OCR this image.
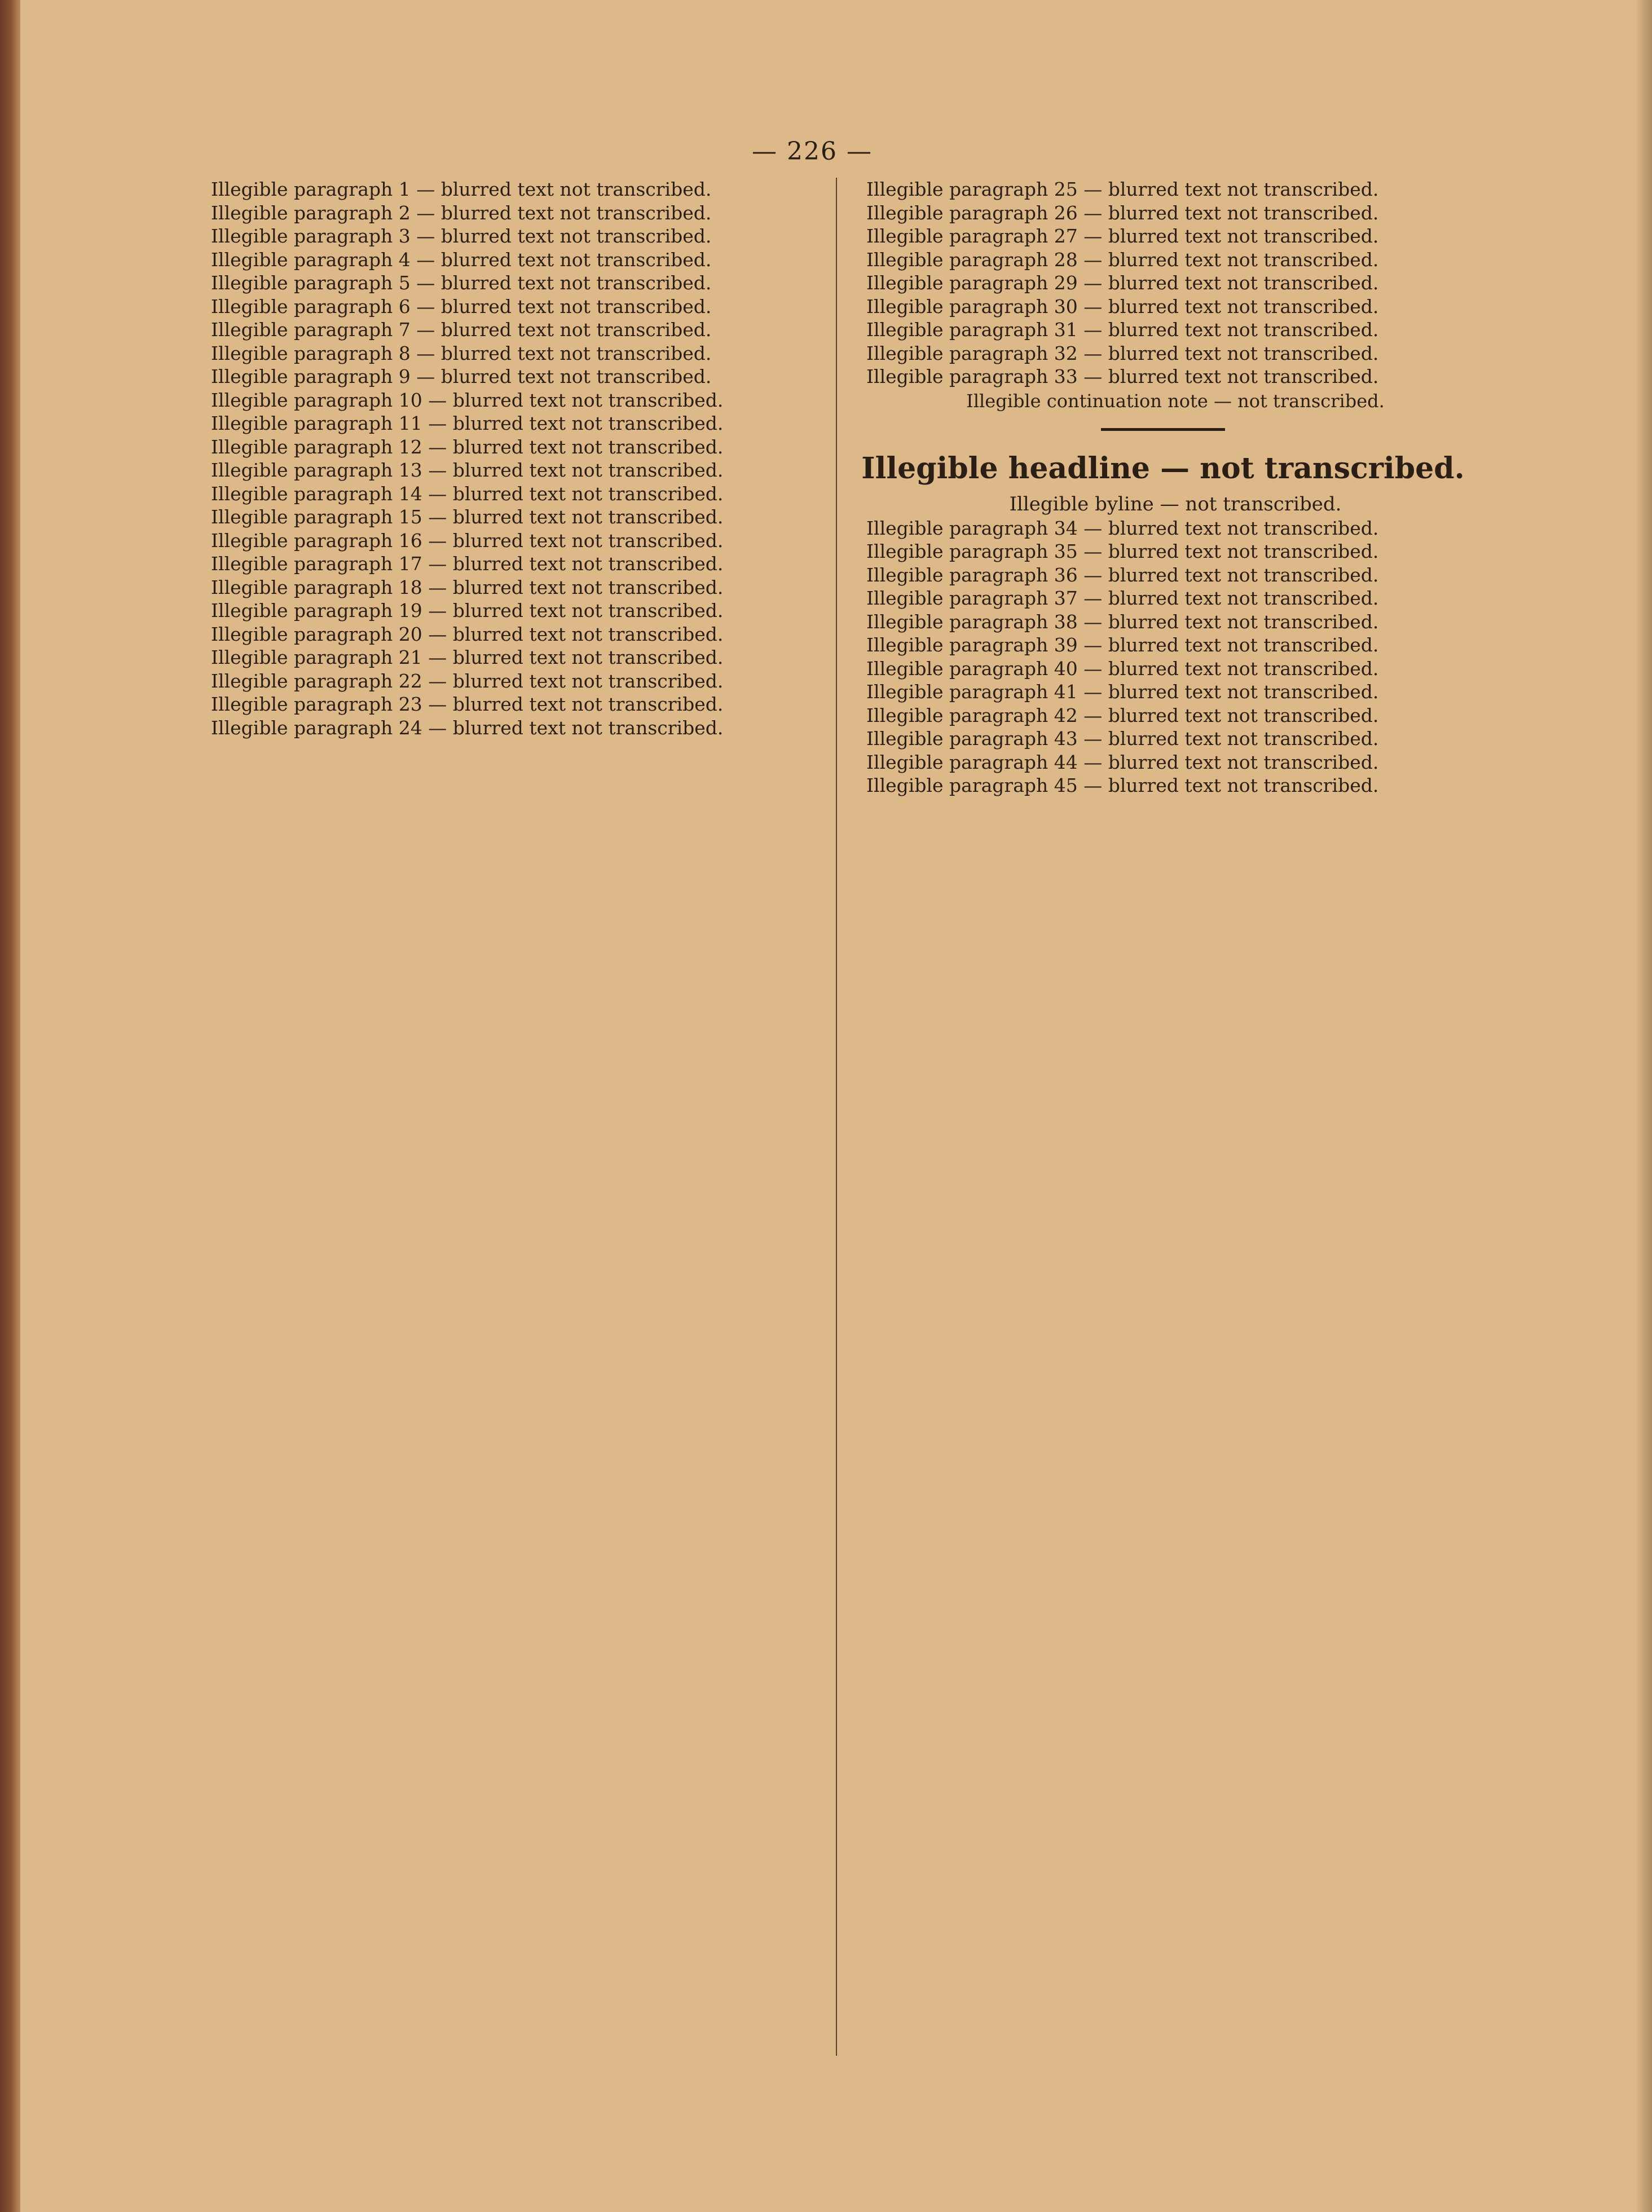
— 226 —

Illegible paragraph 1 — blurred text not transcribed.

Illegible paragraph 2 — blurred text not transcribed.

Illegible paragraph 3 — blurred text not transcribed.

Illegible paragraph 4 — blurred text not transcribed.

Illegible paragraph 5 — blurred text not transcribed.

Illegible paragraph 6 — blurred text not transcribed.

Illegible paragraph 7 — blurred text not transcribed.

Illegible paragraph 8 — blurred text not transcribed.

Illegible paragraph 9 — blurred text not transcribed.

Illegible paragraph 10 — blurred text not transcribed.

Illegible paragraph 11 — blurred text not transcribed.

Illegible paragraph 12 — blurred text not transcribed.

Illegible paragraph 13 — blurred text not transcribed.

Illegible paragraph 14 — blurred text not transcribed.

Illegible paragraph 15 — blurred text not transcribed.

Illegible paragraph 16 — blurred text not transcribed.

Illegible paragraph 17 — blurred text not transcribed.

Illegible paragraph 18 — blurred text not transcribed.

Illegible paragraph 19 — blurred text not transcribed.

Illegible paragraph 20 — blurred text not transcribed.

Illegible paragraph 21 — blurred text not transcribed.

Illegible paragraph 22 — blurred text not transcribed.

Illegible paragraph 23 — blurred text not transcribed.

Illegible paragraph 24 — blurred text not transcribed.

Illegible paragraph 25 — blurred text not transcribed.

Illegible paragraph 26 — blurred text not transcribed.

Illegible paragraph 27 — blurred text not transcribed.

Illegible paragraph 28 — blurred text not transcribed.

Illegible paragraph 29 — blurred text not transcribed.

Illegible paragraph 30 — blurred text not transcribed.

Illegible paragraph 31 — blurred text not transcribed.

Illegible paragraph 32 — blurred text not transcribed.

Illegible paragraph 33 — blurred text not transcribed.

Illegible continuation note — not transcribed.

Illegible headline — not transcribed.

Illegible byline — not transcribed.

Illegible paragraph 34 — blurred text not transcribed.

Illegible paragraph 35 — blurred text not transcribed.

Illegible paragraph 36 — blurred text not transcribed.

Illegible paragraph 37 — blurred text not transcribed.

Illegible paragraph 38 — blurred text not transcribed.

Illegible paragraph 39 — blurred text not transcribed.

Illegible paragraph 40 — blurred text not transcribed.

Illegible paragraph 41 — blurred text not transcribed.

Illegible paragraph 42 — blurred text not transcribed.

Illegible paragraph 43 — blurred text not transcribed.

Illegible paragraph 44 — blurred text not transcribed.

Illegible paragraph 45 — blurred text not transcribed.
